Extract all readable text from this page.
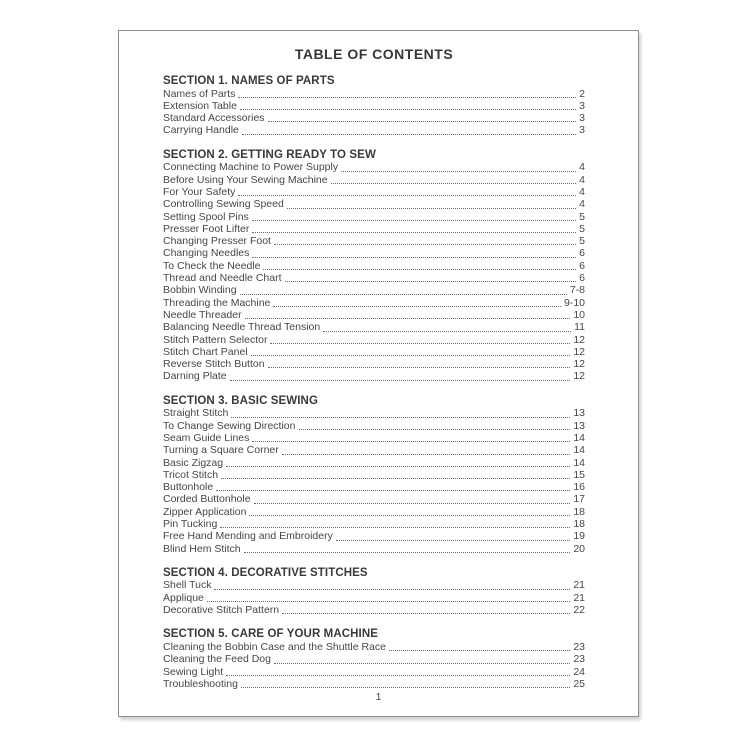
TABLE OF CONTENTS
SECTION 1. NAMES OF PARTS
Names of Parts	2
Extension Table	3
Standard Accessories	3
Carrying Handle	3
SECTION 2. GETTING READY TO SEW
Connecting Machine to Power Supply	4
Before Using Your Sewing Machine	4
For Your Safety	4
Controlling Sewing Speed	4
Setting Spool Pins	5
Presser Foot Lifter	5
Changing Presser Foot	5
Changing Needles	6
To Check the Needle	6
Thread and Needle Chart	6
Bobbin Winding	7-8
Threading the Machine	9-10
Needle Threader	10
Balancing Needle Thread Tension	11
Stitch Pattern Selector	12
Stitch Chart Panel	12
Reverse Stitch Button	12
Darning Plate	12
SECTION 3. BASIC SEWING
Straight Stitch	13
To Change Sewing Direction	13
Seam Guide Lines	14
Turning a Square Corner	14
Basic Zigzag	14
Tricot Stitch	15
Buttonhole	16
Corded Buttonhole	17
Zipper Application	18
Pin Tucking	18
Free Hand Mending and Embroidery	19
Blind Hem Stitch	20
SECTION 4. DECORATIVE STITCHES
Shell Tuck	21
Applique	21
Decorative Stitch Pattern	22
SECTION 5. CARE OF YOUR MACHINE
Cleaning the Bobbin Case and the Shuttle Race	23
Cleaning the Feed Dog	23
Sewing Light	24
Troubleshooting	25
1
